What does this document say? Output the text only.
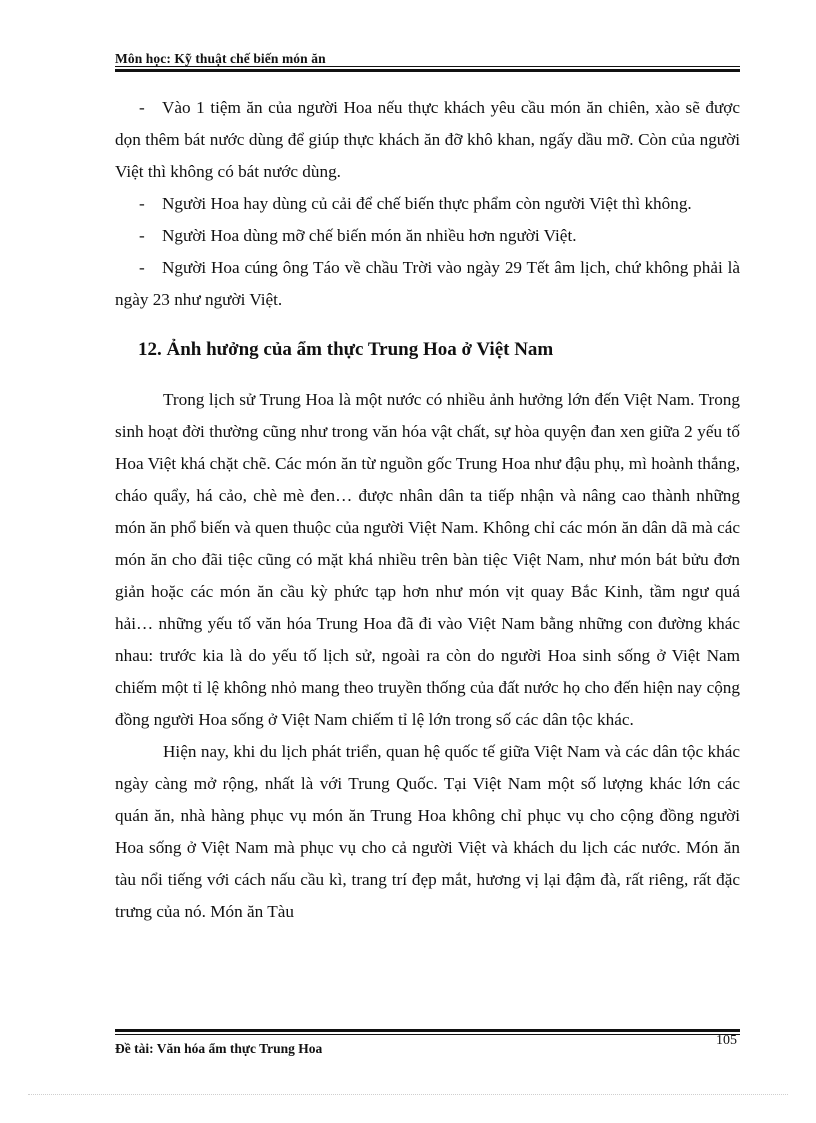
Môn học: Kỹ thuật chế biến món ăn

- Vào 1 tiệm ăn của người Hoa nếu thực khách yêu cầu món ăn chiên, xào sẽ được dọn thêm bát nước dùng để giúp thực khách ăn đỡ khô khan, ngấy dầu mỡ. Còn của người Việt thì không có bát nước dùng.

- Người Hoa hay dùng củ cải để chế biến thực phẩm còn người Việt thì không.

- Người Hoa dùng mỡ chế biến món ăn nhiều hơn người Việt.

- Người Hoa cúng ông Táo về chầu Trời vào ngày 29 Tết âm lịch, chứ không phải là ngày 23 như người Việt.

12. Ảnh hưởng của ẩm thực Trung Hoa ở Việt Nam

Trong lịch sử Trung Hoa là một nước có nhiều ảnh hưởng lớn đến Việt Nam. Trong sinh hoạt đời thường cũng như trong văn hóa vật chất, sự hòa quyện đan xen giữa 2 yếu tố Hoa Việt khá chặt chẽ. Các món ăn từ nguồn gốc Trung Hoa như đậu phụ, mì hoành thắng, cháo quẩy, há cảo, chè mè đen… được nhân dân ta tiếp nhận và nâng cao thành những món ăn phổ biến và quen thuộc của người Việt Nam. Không chỉ các món ăn dân dã mà các món ăn cho đãi tiệc cũng có mặt khá nhiều trên bàn tiệc Việt Nam, như món bát bửu đơn giản hoặc các món ăn cầu kỳ phức tạp hơn như món vịt quay Bắc Kinh, tầm ngư quá hải… những yếu tố văn hóa Trung Hoa đã đi vào Việt Nam bằng những con đường khác nhau: trước kia là do yếu tố lịch sử, ngoài ra còn do người Hoa sinh sống ở Việt Nam chiếm một tỉ lệ không nhỏ mang theo truyền thống của đất nước họ cho đến hiện nay cộng đồng người Hoa sống ở Việt Nam chiếm tỉ lệ lớn trong số các dân tộc khác.

Hiện nay, khi du lịch phát triển, quan hệ quốc tế giữa Việt Nam và các dân tộc khác ngày càng mở rộng, nhất là với Trung Quốc. Tại Việt Nam một số lượng khác lớn các quán ăn, nhà hàng phục vụ món ăn Trung Hoa không chỉ phục vụ cho cộng đồng người Hoa sống ở Việt Nam mà phục vụ cho cả người Việt và khách du lịch các nước. Món ăn tàu nổi tiếng với cách nấu cầu kì, trang trí đẹp mắt, hương vị lại đậm đà, rất riêng, rất đặc trưng của nó. Món ăn Tàu

105
Đề tài: Văn hóa ẩm thực Trung Hoa
